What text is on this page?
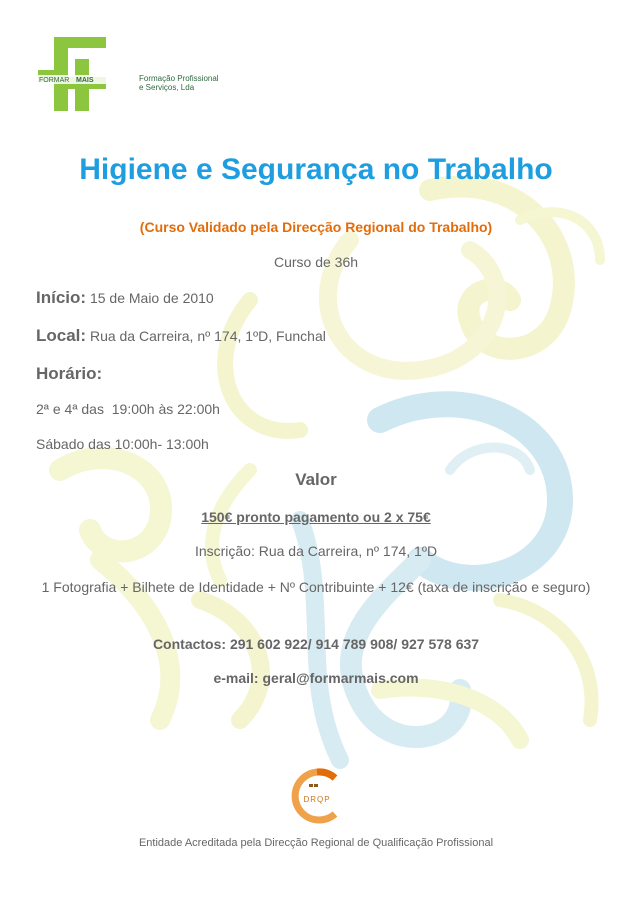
FORMAR MAIS	Formação Profissional
e Serviços, Lda
Higiene e Segurança no Trabalho
(Curso Validado pela Direcção Regional do Trabalho)
Curso de 36h
Início: 15 de Maio de 2010
Local: Rua da Carreira, nº 174, 1ºD, Funchal
Horário:
2ª e 4ª das  19:00h às 22:00h
Sábado das 10:00h- 13:00h
Valor
150€ pronto pagamento ou 2 x 75€
Inscrição: Rua da Carreira, nº 174, 1ºD
1 Fotografia + Bilhete de Identidade + Nº Contribuinte + 12€ (taxa de inscrição e seguro)
Contactos: 291 602 922/ 914 789 908/ 927 578 637
e-mail: geral@formarmais.com
DRQP
Entidade Acreditada pela Direcção Regional de Qualificação Profissional
